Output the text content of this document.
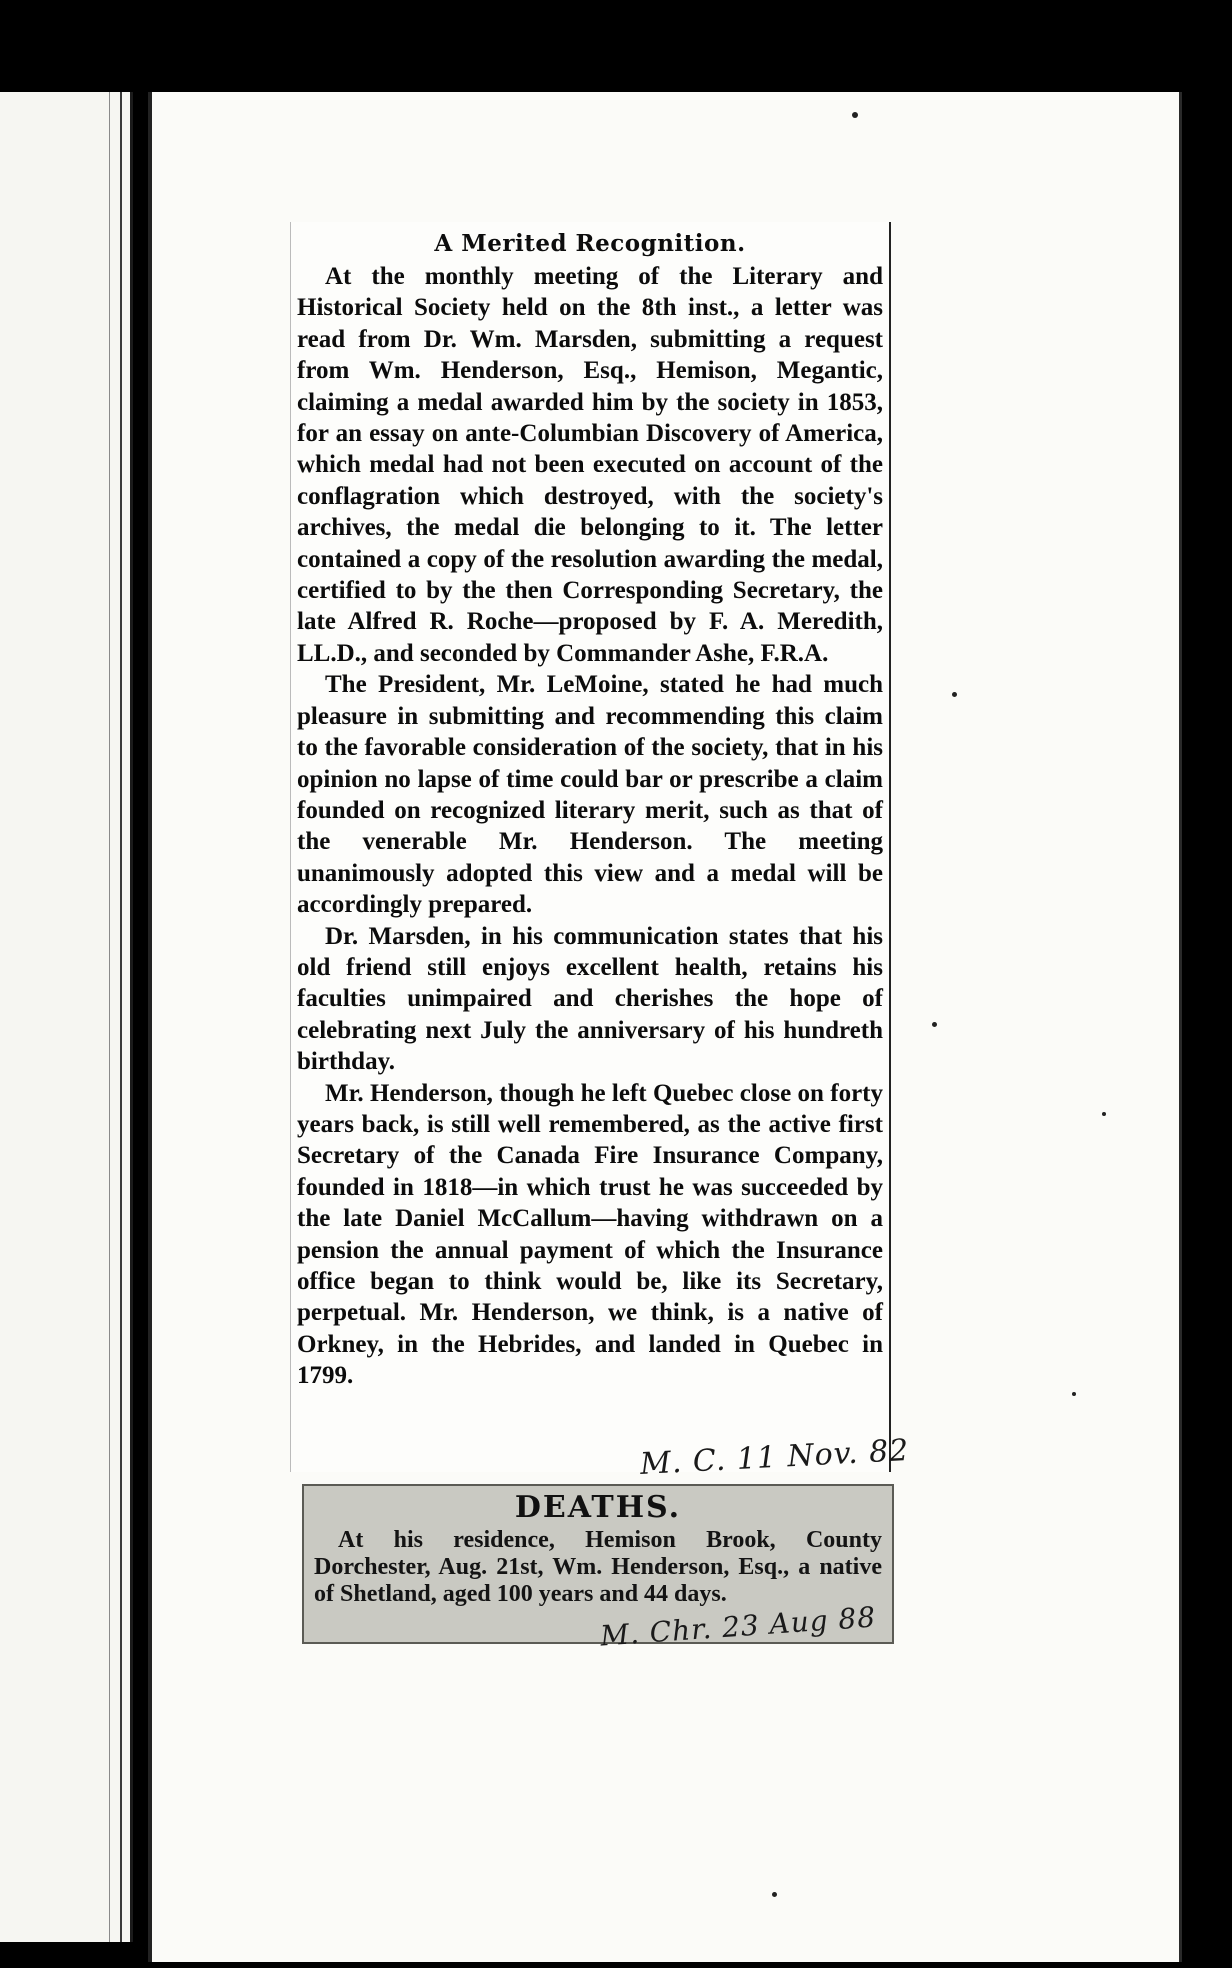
A Merited Recognition.

At the monthly meeting of the Literary and Historical Society held on the 8th inst., a letter was read from Dr. Wm. Marsden, submitting a request from Wm. Henderson, Esq., Hemison, Megantic, claiming a medal awarded him by the society in 1853, for an essay on ante-Columbian Discovery of America, which medal had not been executed on account of the conflagration which destroyed, with the society's archives, the medal die belonging to it. The letter contained a copy of the resolution awarding the medal, certified to by the then Corresponding Secretary, the late Alfred R. Roche—proposed by F. A. Meredith, LL.D., and seconded by Commander Ashe, F.R.A.

The President, Mr. LeMoine, stated he had much pleasure in submitting and recommending this claim to the favorable consideration of the society, that in his opinion no lapse of time could bar or prescribe a claim founded on recognized literary merit, such as that of the venerable Mr. Henderson. The meeting unanimously adopted this view and a medal will be accordingly prepared.

Dr. Marsden, in his communication states that his old friend still enjoys excellent health, retains his faculties unimpaired and cherishes the hope of celebrating next July the anniversary of his hundreth birthday.

Mr. Henderson, though he left Quebec close on forty years back, is still well remembered, as the active first Secretary of the Canada Fire Insurance Company, founded in 1818—in which trust he was succeeded by the late Daniel McCallum—having withdrawn on a pension the annual payment of which the Insurance office began to think would be, like its Secretary, perpetual. Mr. Henderson, we think, is a native of Orkney, in the Hebrides, and landed in Quebec in 1799.

M. C. 11 Nov. 82
DEATHS.
At his residence, Hemison Brook, County Dorchester, Aug. 21st, Wm. Henderson, Esq., a native of Shetland, aged 100 years and 44 days.
M. Chr. 23 Aug 88
